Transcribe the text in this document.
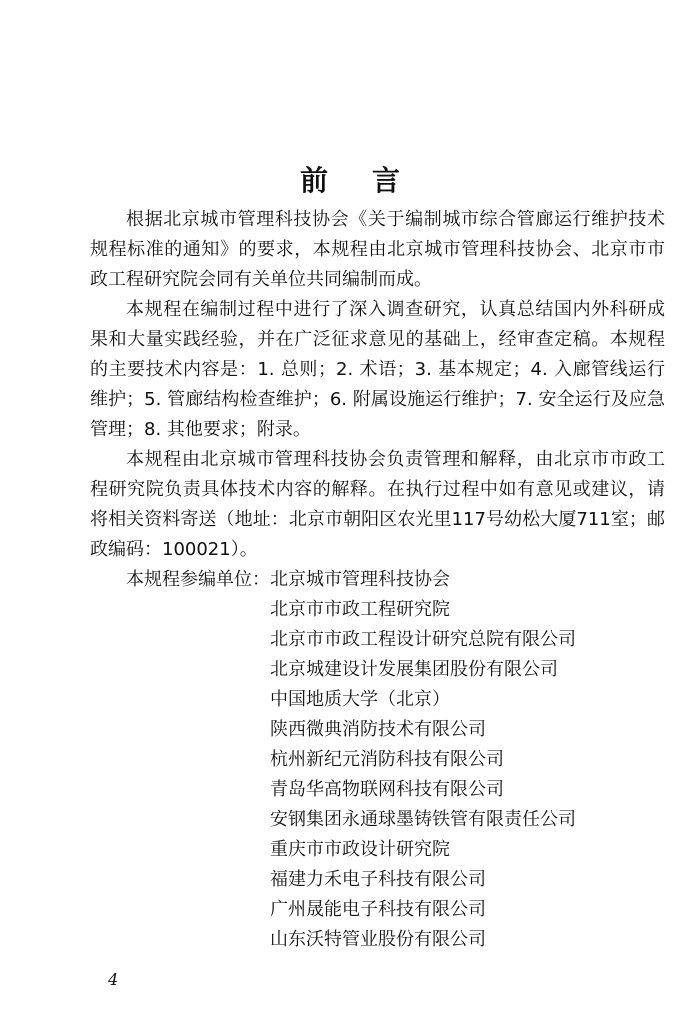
前 言

根据北京城市管理科技协会《关于编制城市综合管廊运行维护技术规程标准的通知》的要求，本规程由北京城市管理科技协会、北京市市政工程研究院会同有关单位共同编制而成。

本规程在编制过程中进行了深入调查研究，认真总结国内外科研成果和大量实践经验，并在广泛征求意见的基础上，经审查定稿。本规程的主要技术内容是：1. 总则；2. 术语；3. 基本规定；4. 入廊管线运行维护；5. 管廊结构检查维护；6. 附属设施运行维护；7. 安全运行及应急管理；8. 其他要求；附录。

本规程由北京城市管理科技协会负责管理和解释，由北京市市政工程研究院负责具体技术内容的解释。在执行过程中如有意见或建议，请将相关资料寄送（地址：北京市朝阳区农光里117号幼松大厦711室；邮政编码：100021）。

本规程参编单位： 北京城市管理科技协会
北京市市政工程研究院
北京市市政工程设计研究总院有限公司
北京城建设计发展集团股份有限公司
中国地质大学（北京）
陕西微典消防技术有限公司
杭州新纪元消防科技有限公司
青岛华高物联网科技有限公司
安钢集团永通球墨铸铁管有限责任公司
重庆市市政设计研究院
福建力禾电子科技有限公司
广州晟能电子科技有限公司
山东沃特管业股份有限公司
4
